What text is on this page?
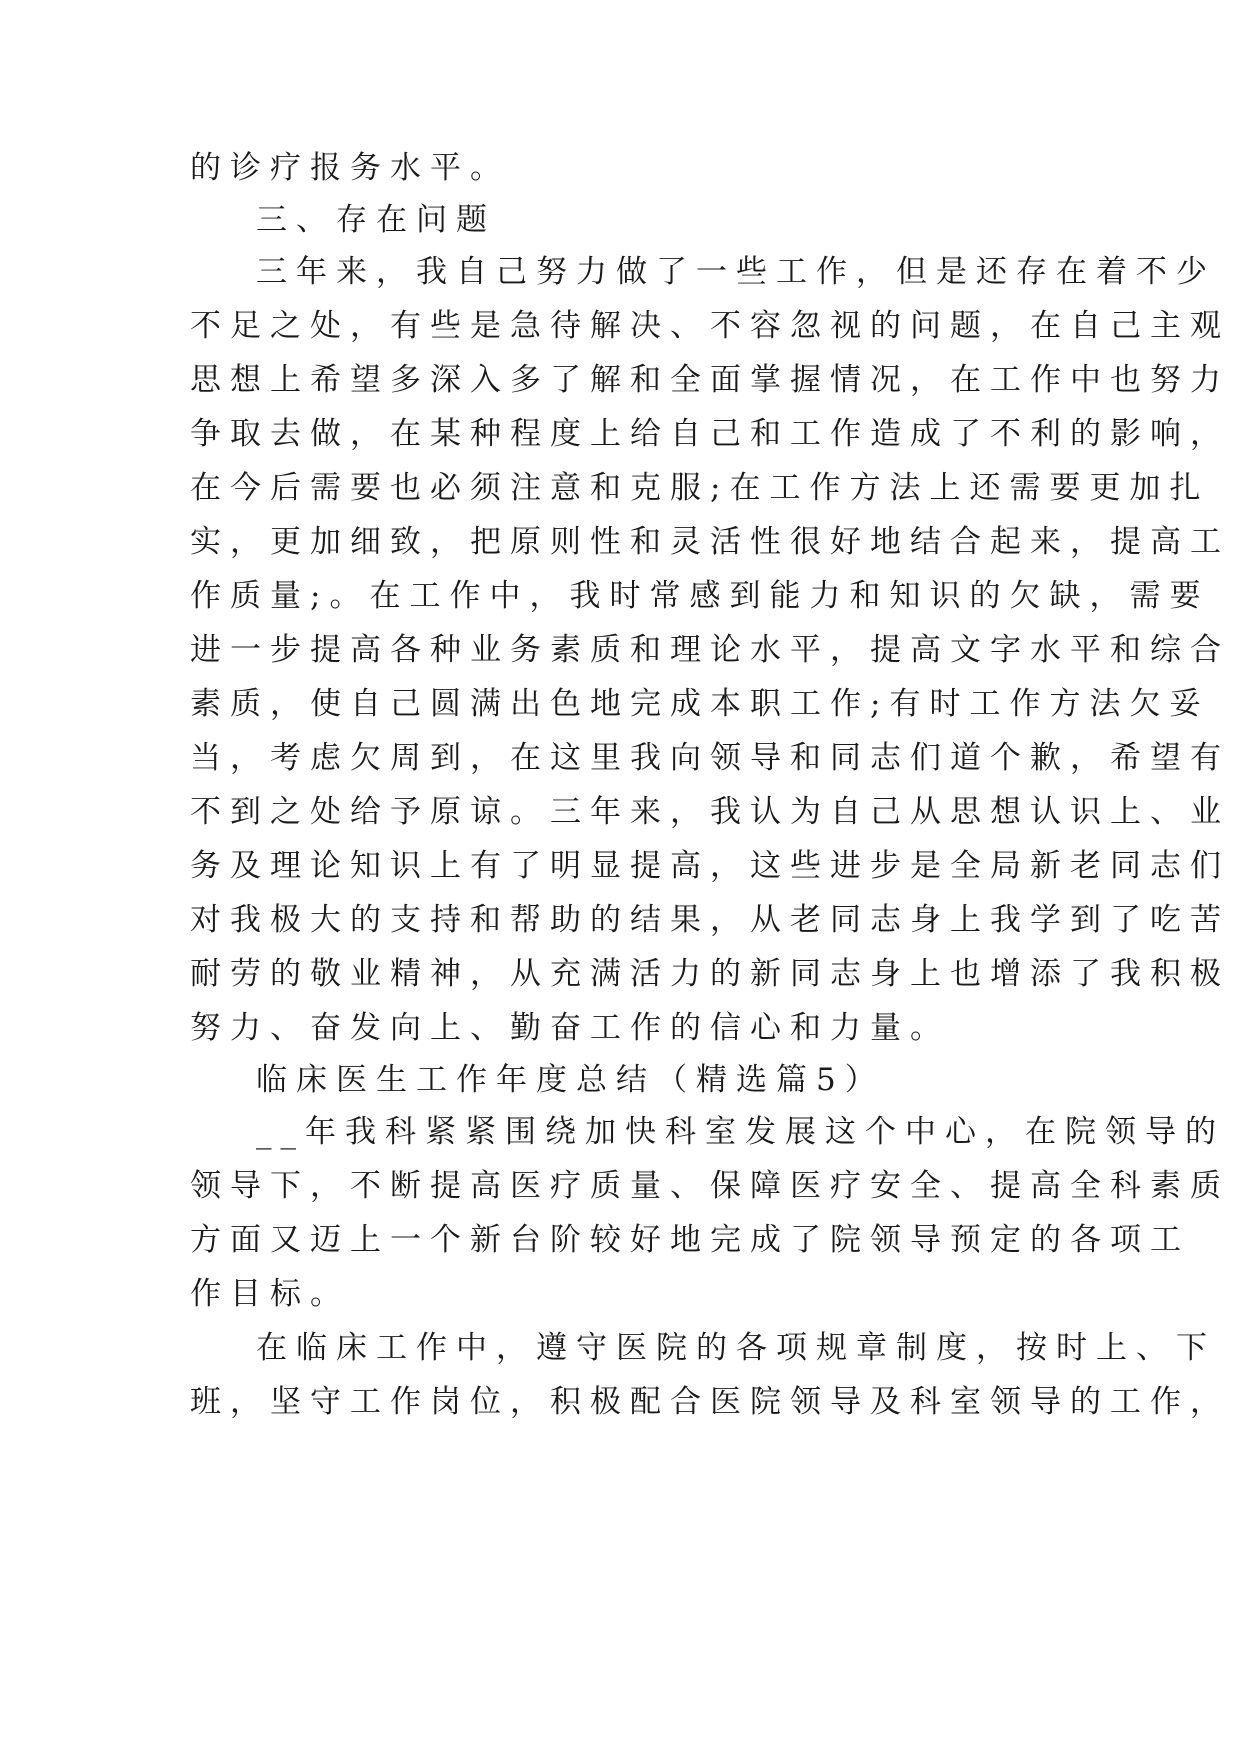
的诊疗报务水平。

三、存在问题

三年来，我自己努力做了一些工作，但是还存在着不少

不足之处，有些是急待解决、不容忽视的问题，在自己主观

思想上希望多深入多了解和全面掌握情况，在工作中也努力

争取去做，在某种程度上给自己和工作造成了不利的影响，

在今后需要也必须注意和克服;在工作方法上还需要更加扎

实，更加细致，把原则性和灵活性很好地结合起来，提高工

作质量;。在工作中，我时常感到能力和知识的欠缺，需要

进一步提高各种业务素质和理论水平，提高文字水平和综合

素质，使自己圆满出色地完成本职工作;有时工作方法欠妥

当，考虑欠周到，在这里我向领导和同志们道个歉，希望有

不到之处给予原谅。三年来，我认为自己从思想认识上、业

务及理论知识上有了明显提高，这些进步是全局新老同志们

对我极大的支持和帮助的结果，从老同志身上我学到了吃苦

耐劳的敬业精神，从充满活力的新同志身上也增添了我积极

努力、奋发向上、勤奋工作的信心和力量。

临床医生工作年度总结（精选篇5）

__年我科紧紧围绕加快科室发展这个中心，在院领导的

领导下，不断提高医疗质量、保障医疗安全、提高全科素质

方面又迈上一个新台阶较好地完成了院领导预定的各项工

作目标。

在临床工作中，遵守医院的各项规章制度，按时上、下

班，坚守工作岗位，积极配合医院领导及科室领导的工作，
